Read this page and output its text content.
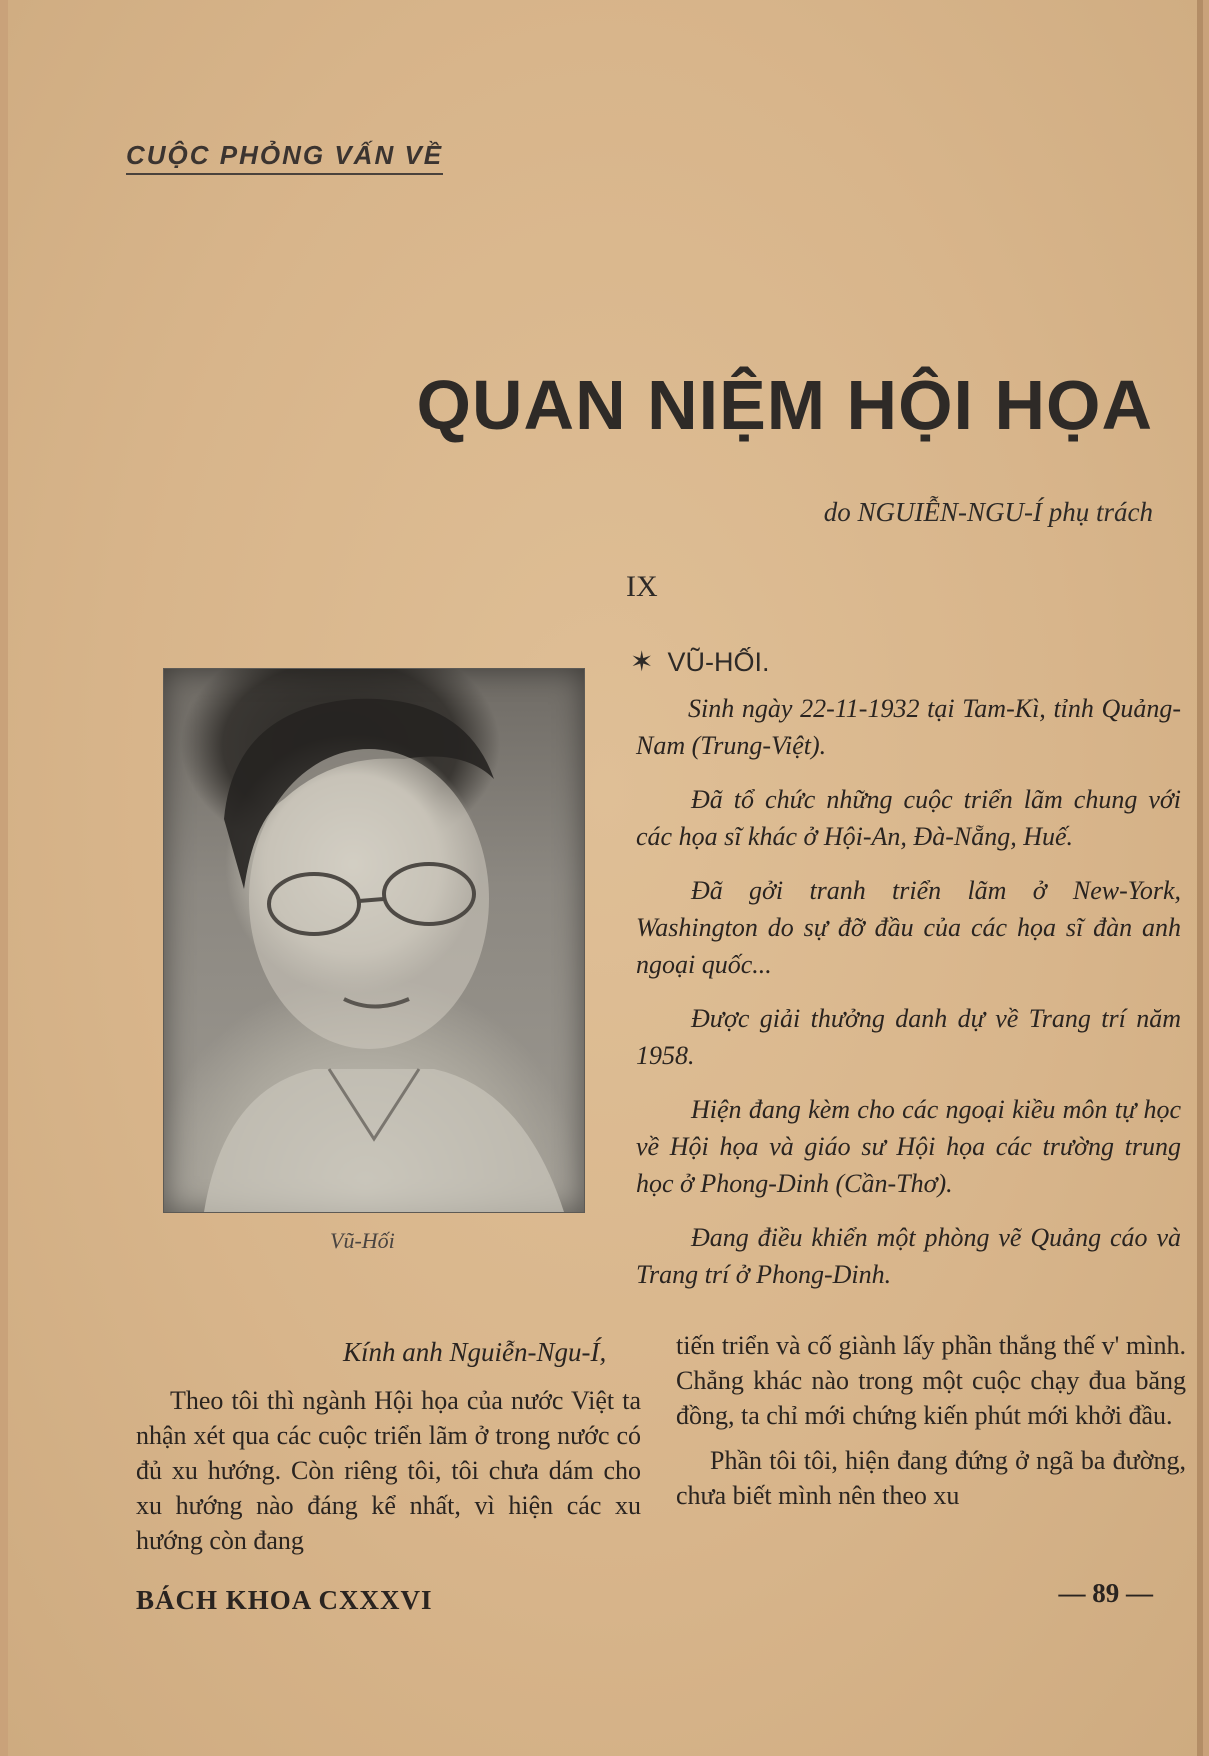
CUỘC PHỎNG VẤN VỀ
QUAN NIỆM HỘI HỌA
do NGUIỄN-NGU-Í phụ trách
IX
Vũ-Hối
✶ VŨ-HỐI.

Sinh ngày 22-11-1932 tại Tam-Kì, tỉnh Quảng-Nam (Trung-Việt).

Đã tổ chức những cuộc triển lãm chung với các họa sĩ khác ở Hội-An, Đà-Nẵng, Huế.

Đã gởi tranh triển lãm ở New-York, Washington do sự đỡ đầu của các họa sĩ đàn anh ngoại quốc...

Được giải thưởng danh dự về Trang trí năm 1958.

Hiện đang kèm cho các ngoại kiều môn tự học về Hội họa và giáo sư Hội họa các trường trung học ở Phong-Dinh (Cần-Thơ).

Đang điều khiển một phòng vẽ Quảng cáo và Trang trí ở Phong-Dinh.

Kính anh Nguiễn-Ngu-Í,

Theo tôi thì ngành Hội họa của nước Việt ta nhận xét qua các cuộc triển lãm ở trong nước có đủ xu hướng. Còn riêng tôi, tôi chưa dám cho xu hướng nào đáng kể nhất, vì hiện các xu hướng còn đang

tiến triển và cố giành lấy phần thắng thế v' mình. Chẳng khác nào trong một cuộc chạy đua băng đồng, ta chỉ mới chứng kiến phút mới khởi đầu.

Phần tôi tôi, hiện đang đứng ở ngã ba đường, chưa biết mình nên theo xu

BÁCH KHOA CXXXVI	— 89 —
